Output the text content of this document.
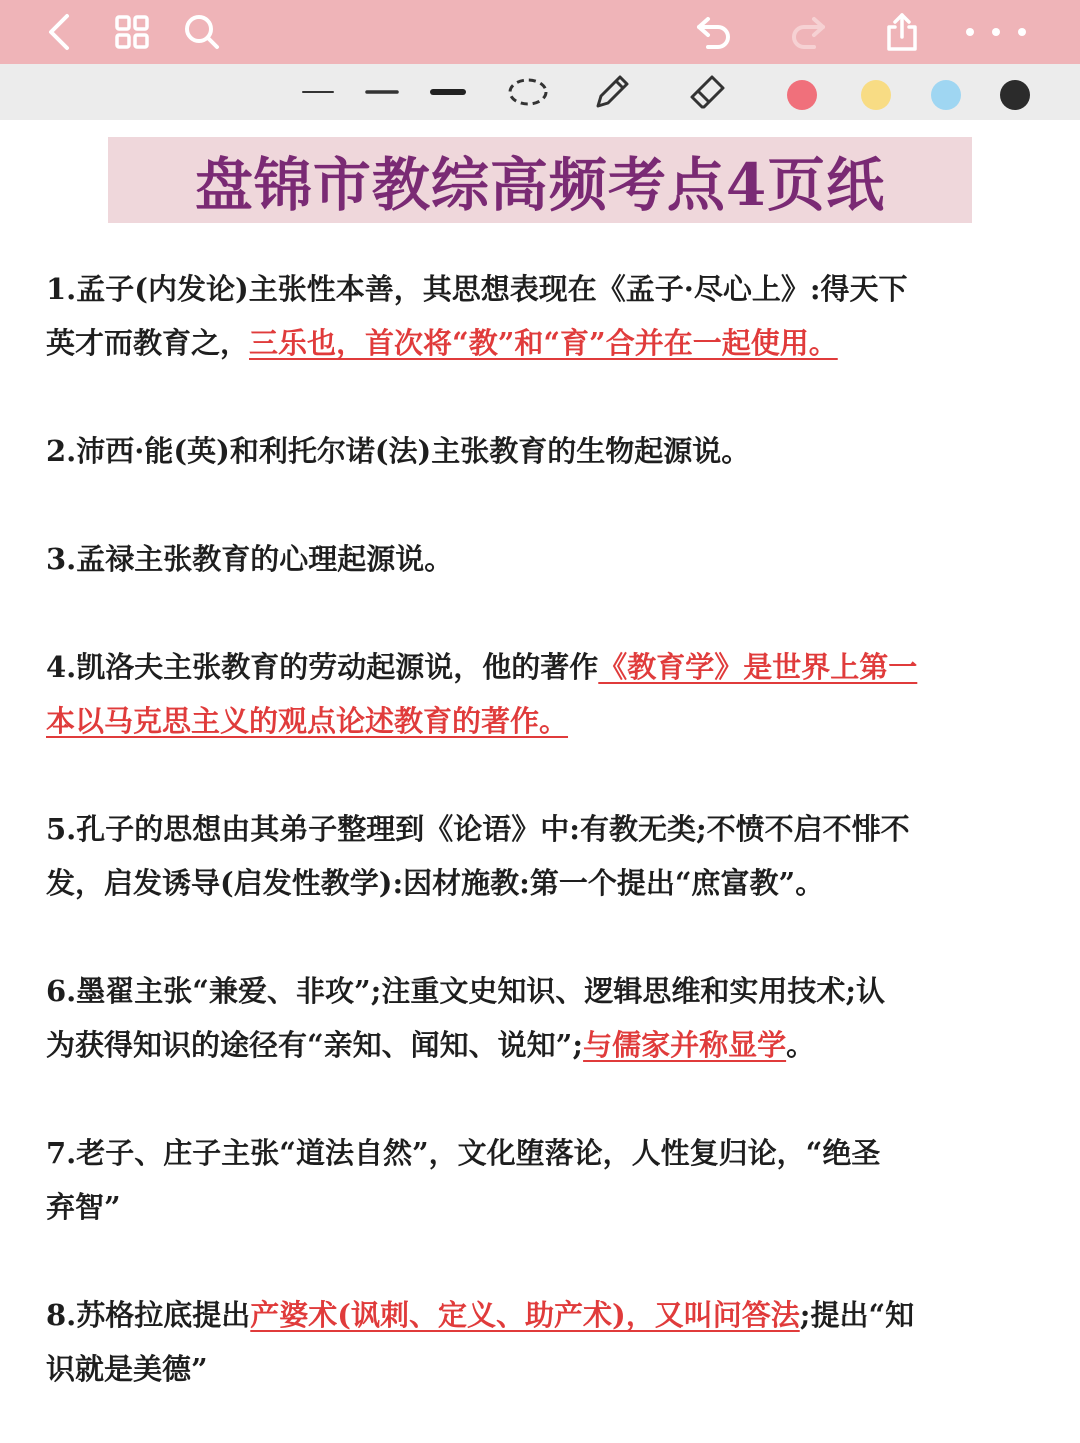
盘锦市教综高频考点4页纸

1.孟子(内发论)主张性本善，其思想表现在《孟子·尽心上》:得天下

英才而教育之，三乐也，首次将“教”和“育”合并在一起使用。

2.沛西·能(英)和利托尔诺(法)主张教育的生物起源说。

3.孟禄主张教育的心理起源说。

4.凯洛夫主张教育的劳动起源说，他的著作《教育学》是世界上第一

本以马克思主义的观点论述教育的著作。

5.孔子的思想由其弟子整理到《论语》中:有教无类;不愤不启不悱不

发，启发诱导(启发性教学):因材施教:第一个提出“庶富教”。

6.墨翟主张“兼爱、非攻”;注重文史知识、逻辑思维和实用技术;认

为获得知识的途径有“亲知、闻知、说知”;与儒家并称显学。

7.老子、庄子主张“道法自然”，文化堕落论，人性复归论，“绝圣

弃智”

8.苏格拉底提出产婆术(讽刺、定义、助产术)，又叫问答法;提出“知

识就是美德”
